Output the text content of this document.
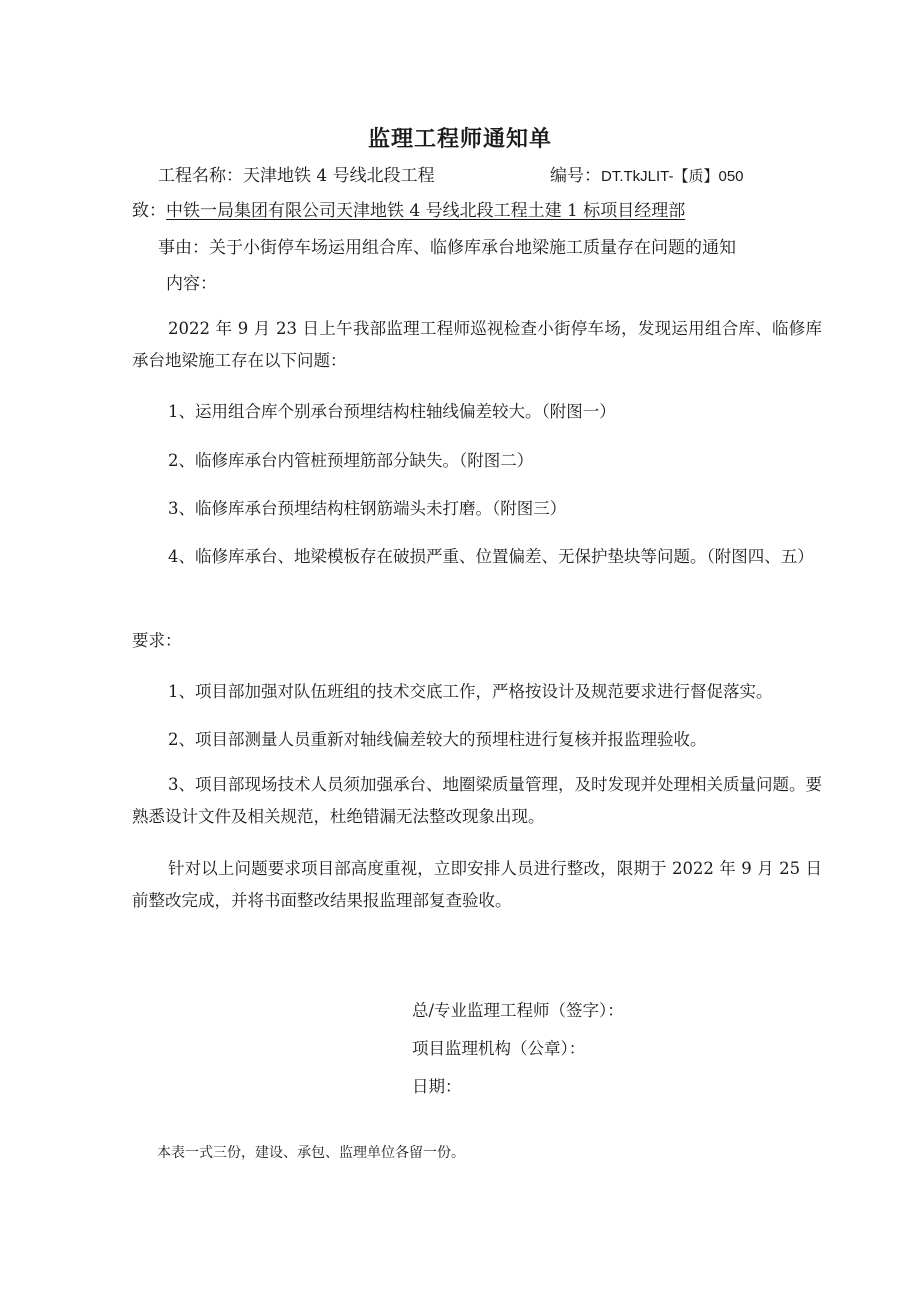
监理工程师通知单
工程名称：天津地铁 4 号线北段工程	编号：DT.TkJLIT-【质】050
致：中铁一局集团有限公司天津地铁 4 号线北段工程土建 1 标项目经理部
事由：关于小街停车场运用组合库、临修库承台地梁施工质量存在问题的通知
内容：

2022 年 9 月 23 日上午我部监理工程师巡视检查小街停车场，发现运用组合库、临修库承台地梁施工存在以下问题：

1、运用组合库个别承台预埋结构柱轴线偏差较大。（附图一）

2、临修库承台内管桩预埋筋部分缺失。（附图二）

3、临修库承台预埋结构柱钢筋端头未打磨。（附图三）

4、临修库承台、地梁模板存在破损严重、位置偏差、无保护垫块等问题。（附图四、五）

要求：

1、项目部加强对队伍班组的技术交底工作，严格按设计及规范要求进行督促落实。

2、项目部测量人员重新对轴线偏差较大的预埋柱进行复核并报监理验收。

3、项目部现场技术人员须加强承台、地圈梁质量管理，及时发现并处理相关质量问题。要熟悉设计文件及相关规范，杜绝错漏无法整改现象出现。

针对以上问题要求项目部高度重视，立即安排人员进行整改，限期于 2022 年 9 月 25 日前整改完成，并将书面整改结果报监理部复查验收。

总/专业监理工程师（签字）：
项目监理机构（公章）：
日期：
本表一式三份，建设、承包、监理单位各留一份。
